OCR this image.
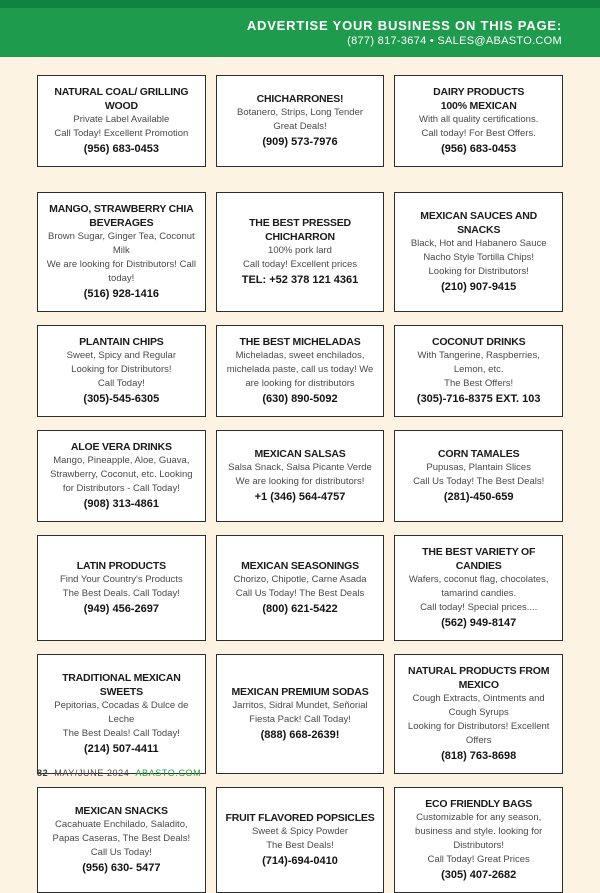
ADVERTISE YOUR BUSINESS ON THIS PAGE:
(877) 817-3674 • SALES@ABASTO.COM
NATURAL COAL/ GRILLING WOOD
Private Label Available
Call Today! Excellent Promotion
(956) 683-0453
CHICHARRONES!
Botanero, Strips, Long Tender
Great Deals!
(909) 573-7976
DAIRY PRODUCTS
100% MEXICAN
With all quality certifications.
Call today! For Best Offers.
(956) 683-0453
MANGO, STRAWBERRY CHIA BEVERAGES
Brown Sugar, Ginger Tea, Coconut Milk
We are looking for Distributors! Call today!
(516) 928-1416
THE BEST PRESSED CHICHARRON
100% pork lard
Call today! Excellent prices
TEL: +52 378 121 4361
MEXICAN SAUCES AND SNACKS
Black, Hot and Habanero Sauce
Nacho Style Tortilla Chips!
Looking for Distributors!
(210) 907-9415
PLANTAIN CHIPS
Sweet, Spicy and Regular
Looking for Distributors!
Call Today!
(305)-545-6305
THE BEST MICHELADAS
Micheladas, sweet enchilados, michelada paste, call us today! We are looking for distributors
(630) 890-5092
COCONUT DRINKS
With Tangerine, Raspberries, Lemon, etc.
The Best Offers!
(305)-716-8375 EXT. 103
ALOE VERA DRINKS
Mango, Pineapple, Aloe, Guava, Strawberry, Coconut, etc. Looking for Distributors - Call Today!
(908) 313-4861
MEXICAN SALSAS
Salsa Snack, Salsa Picante Verde
We are looking for distributors!
+1 (346) 564-4757
CORN TAMALES
Pupusas, Plantain Slices
Call Us Today! The Best Deals!
(281)-450-659
LATIN PRODUCTS
Find Your Country's Products
The Best Deals. Call Today!
(949) 456-2697
MEXICAN SEASONINGS
Chorizo, Chipotle, Carne Asada
Call Us Today! The Best Deals
(800) 621-5422
THE BEST VARIETY OF CANDIES
Wafers, coconut flag, chocolates, tamarind candies.
Call today! Special prices....
(562) 949-8147
TRADITIONAL MEXICAN SWEETS
Pepitorias, Cocadas & Dulce de Leche
The Best Deals! Call Today!
(214) 507-4411
MEXICAN PREMIUM SODAS
Jarritos, Sidral Mundet, Señorial
Fiesta Pack! Call Today!
(888) 668-2639!
NATURAL PRODUCTS FROM MEXICO
Cough Extracts, Ointments and Cough Syrups
Looking for Distributors! Excellent Offers
(818) 763-8698
MEXICAN SNACKS
Cacahuate Enchilado, Saladito, Papas Caseras, The Best Deals!
Call Us Today!
(956) 630- 5477
FRUIT FLAVORED POPSICLES
Sweet & Spicy Powder
The Best Deals!
(714)-694-0410
ECO FRIENDLY BAGS
Customizable for any season, business and style. looking for Distributors!
Call Today! Great Prices
(305) 407-2682
82 MAY/JUNE 2024 ABASTO.COM
